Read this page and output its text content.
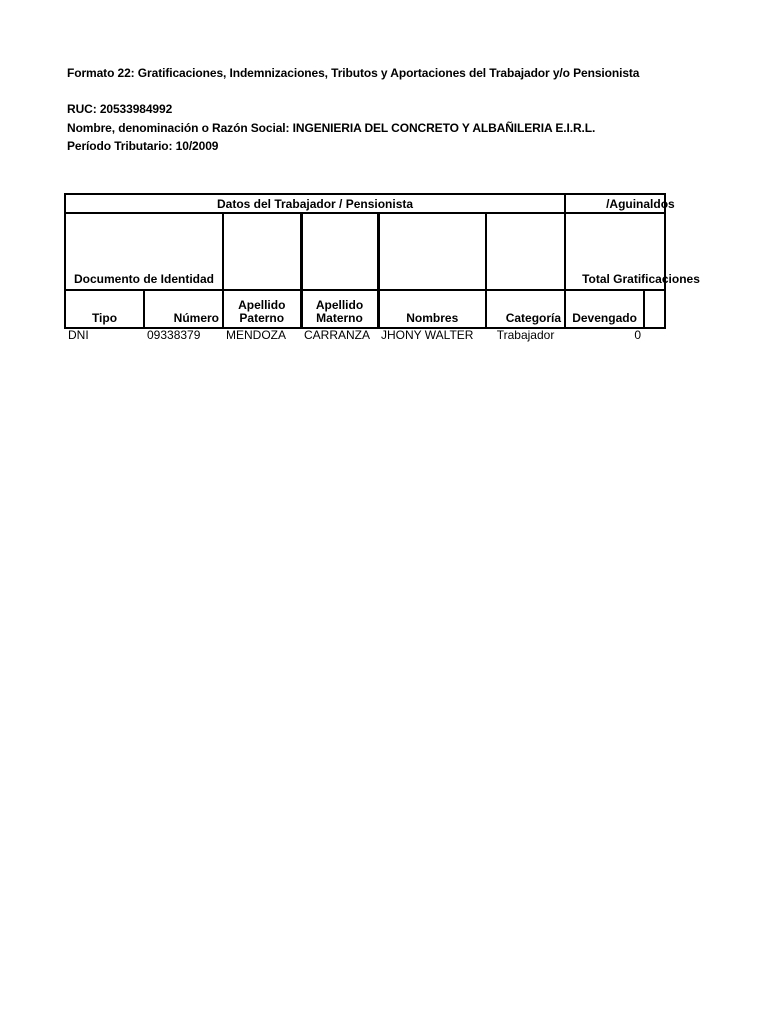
Formato 22: Gratificaciones, Indemnizaciones, Tributos y Aportaciones del Trabajador y/o Pensionista
RUC: 20533984992
Nombre, denominación o Razón Social: INGENIERIA DEL CONCRETO Y ALBAÑILERIA E.I.R.L.
Período Tributario: 10/2009
Datos del Trabajador / Pensionista						/Aguinaldos	
Documento de Identidad						Total Gratificaciones	
Tipo	Número	Apellido Paterno	Apellido Materno	Nombres	Categoría	Devengado	
DNI	09338379	MENDOZA	CARRANZA	JHONY WALTER	Trabajador	0	
